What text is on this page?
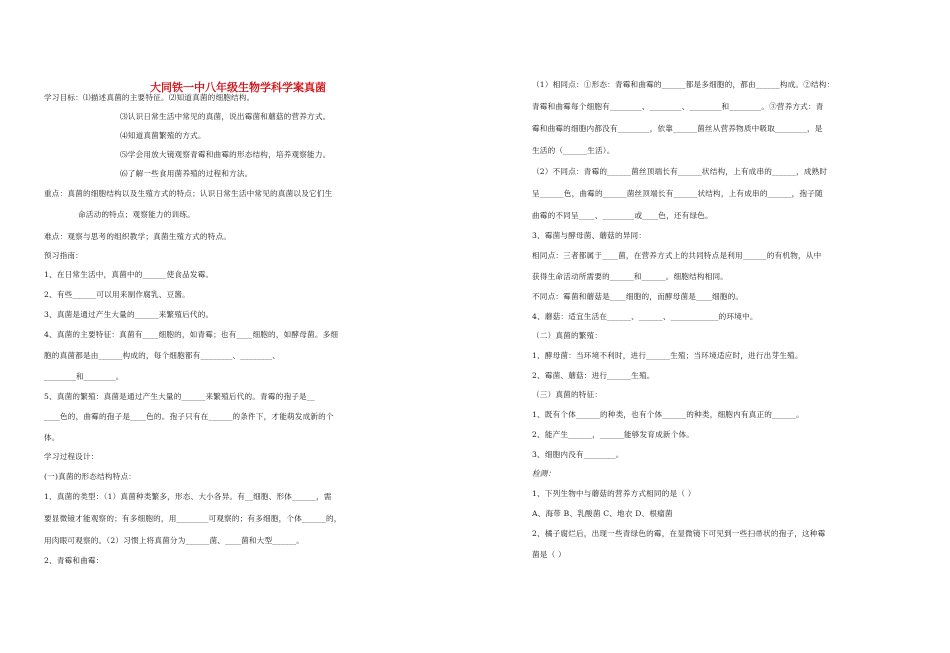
大同铁一中八年级生物学科学案真菌
学习目标：⑴描述真菌的主要特征。⑵知道真菌的细胞结构。
⑶认识日常生活中常见的真菌，说出霉菌和蘑菇的营养方式。
⑷知道真菌繁殖的方式。
⑸学会用放大镜观察青霉和曲霉的形态结构，培养观察能力。
⑹了解一些食用菌养殖的过程和方法。
重点：真菌的细胞结构以及生殖方式的特点；认识日常生活中常见的真菌以及它们生
命活动的特点；观察能力的训练。
难点：观察与思考的组织教学；真菌生殖方式的特点。
预习指南：
1、在日常生活中，真菌中的______使食品发霉。
2、有些______可以用来制作腐乳、豆酱。
3、真菌是通过产生大量的______来繁殖后代的。
4、真菌的主要特征：真菌有____细胞的，如青霉；也有____细胞的，如酵母菌。多细
胞的真菌都是由______构成的，每个细胞都有________、________、
________和________。
5、真菌的繁殖：真菌是通过产生大量的______来繁殖后代的。青霉的孢子是__
____色的，曲霉的孢子是____色的。孢子只有在______的条件下，才能萌发成新的个
体。
学习过程设计：
(一)真菌的形态结构特点：
1、真菌的类型：（1）真菌种类繁多，形态、大小各异。有__细胞、形体______，需
要显微镜才能观察的；有多细胞的，用________可观察的；有多细胞，个体______的，
用肉眼可观察的。（2）习惯上将真菌分为______菌、____菌和大型______。
2、青霉和曲霉：
（1）相同点：①形态：青霉和曲霉的______都是多细胞的，都由______构成。②结构：
青霉和曲霉每个细胞有________、________、________和________。③营养方式：青
霉和曲霉的细胞内都没有________，依靠______菌丝从营养物质中吸取________，是
生活的（______生活）。
（2）不同点：青霉的______菌丝顶端长有______状结构，上有成串的______，成熟时
呈______色，曲霉的______菌丝顶端长有______状结构，上有成串的______，孢子随
曲霉的不同呈____、________或____色，还有绿色。
3、霉菌与酵母菌、蘑菇的异同：
相同点：三者都属于____菌，在营养方式上的共同特点是利用______的有机物，从中
获得生命活动所需要的______和______。细胞结构相同。
不同点：霉菌和蘑菇是____细胞的，而酵母菌是____细胞的。
4、蘑菇：适宜生活在______、______、____________的环境中。
（二）真菌的繁殖：
1、酵母菌：当环境不利时，进行______生殖；当环境适应时，进行出芽生殖。
2、霉菌、蘑菇：进行______生殖。
（三）真菌的特征：
1、既有个体______的种类，也有个体______的种类，细胞内有真正的______。
2、能产生______，______能够发育成新个体。
3、细胞内没有________。
检测：
1、下列生物中与蘑菇的营养方式相同的是（ ）
A、海带 B、乳酸菌 C、地衣 D、根瘤菌
2、橘子腐烂后，出现一些青绿色的霉，在显微镜下可见到一些扫帚状的孢子，这种霉
菌是（ ）
